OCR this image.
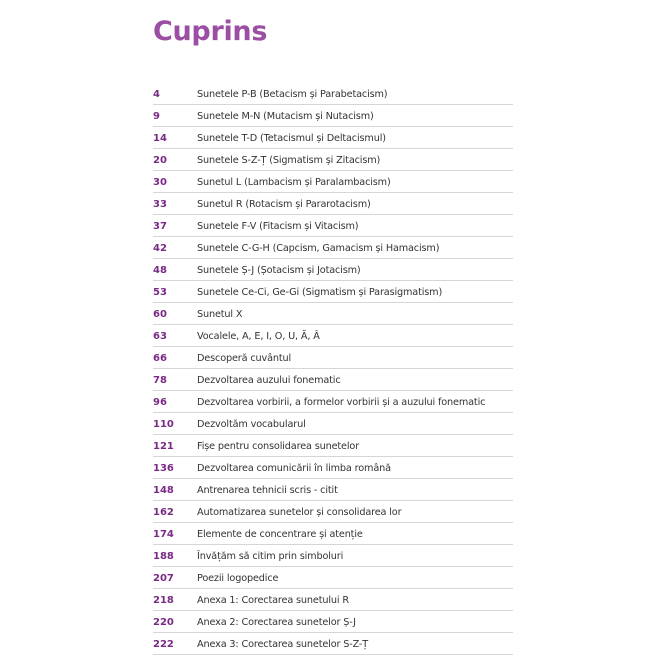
Cuprins
4	Sunetele P-B (Betacism și Parabetacism)
9	Sunetele M-N (Mutacism și Nutacism)
14	Sunetele T-D (Tetacismul și Deltacismul)
20	Sunetele S-Z-Ț (Sigmatism și Zitacism)
30	Sunetul L (Lambacism și Paralambacism)
33	Sunetul R (Rotacism și Pararotacism)
37	Sunetele F-V (Fitacism și Vitacism)
42	Sunetele C-G-H (Capcism, Gamacism și Hamacism)
48	Sunetele Ș-J (Șotacism și Jotacism)
53	Sunetele Ce-Ci, Ge-Gi (Sigmatism și Parasigmatism)
60	Sunetul X
63	Vocalele, A, E, I, O, U, Ă, Â
66	Descoperă cuvântul
78	Dezvoltarea auzului fonematic
96	Dezvoltarea vorbirii, a formelor vorbirii și a auzului fonematic
110	Dezvoltăm vocabularul
121	Fișe pentru consolidarea sunetelor
136	Dezvoltarea comunicării în limba română
148	Antrenarea tehnicii scris - citit
162	Automatizarea sunetelor și consolidarea lor
174	Elemente de concentrare și atenție
188	Învățăm să citim prin simboluri
207	Poezii logopedice
218	Anexa 1: Corectarea sunetului R
220	Anexa 2: Corectarea sunetelor Ș-J
222	Anexa 3: Corectarea sunetelor S-Z-Ț
